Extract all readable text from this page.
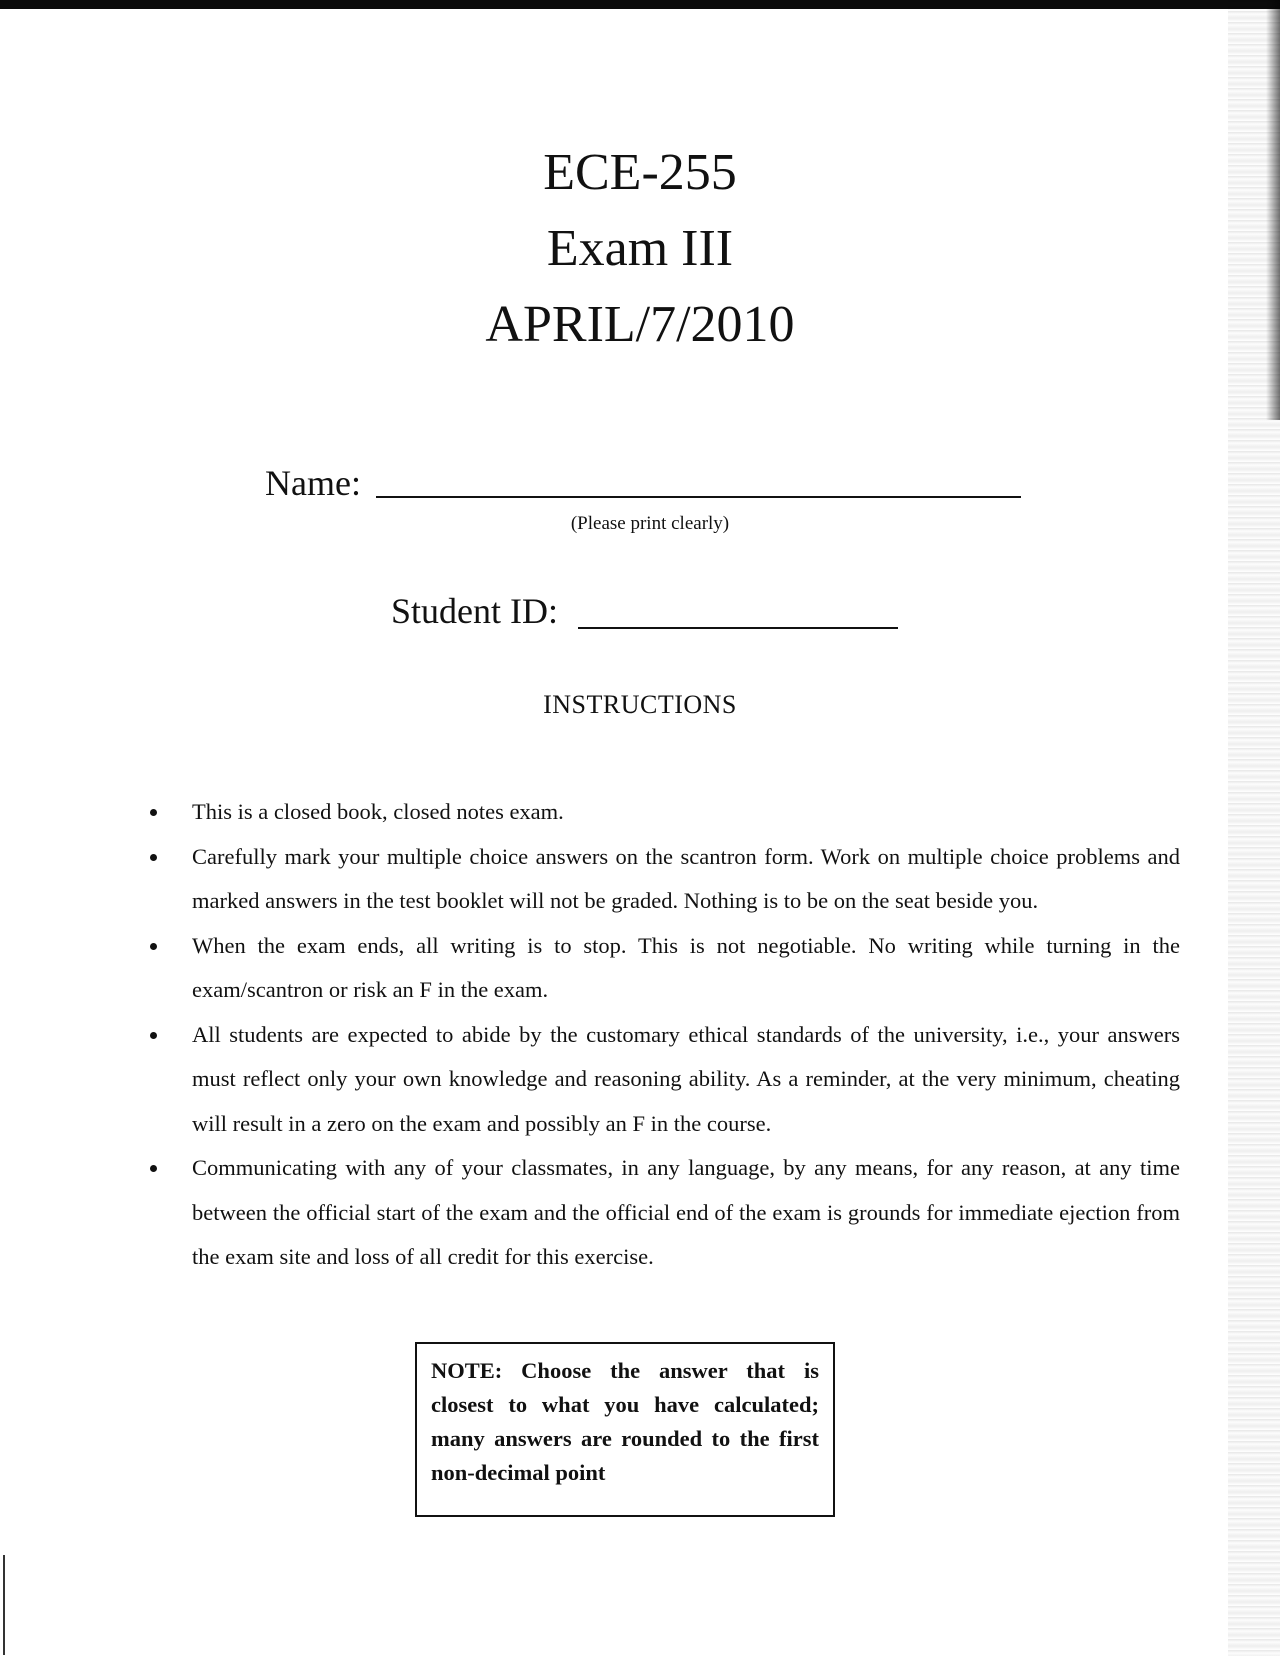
ECE-255
Exam III
APRIL/7/2010
Name:
(Please print clearly)
Student ID:
INSTRUCTIONS
This is a closed book, closed notes exam.
Carefully mark your multiple choice answers on the scantron form. Work on multiple choice problems and marked answers in the test booklet will not be graded. Nothing is to be on the seat beside you.
When the exam ends, all writing is to stop. This is not negotiable. No writing while turning in the exam/scantron or risk an F in the exam.
All students are expected to abide by the customary ethical standards of the university, i.e., your answers must reflect only your own knowledge and reasoning ability. As a reminder, at the very minimum, cheating will result in a zero on the exam and possibly an F in the course.
Communicating with any of your classmates, in any language, by any means, for any reason, at any time between the official start of the exam and the official end of the exam is grounds for immediate ejection from the exam site and loss of all credit for this exercise.
NOTE: Choose the answer that is closest to what you have calculated; many answers are rounded to the first non-decimal point
